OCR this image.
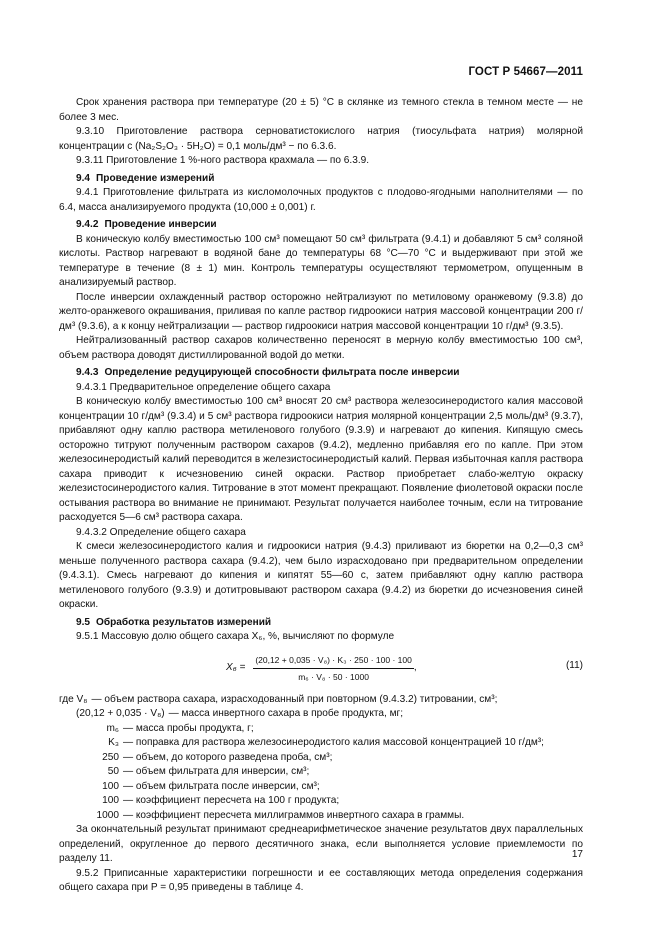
ГОСТ Р 54667—2011

Срок хранения раствора при температуре (20 ± 5) °С в склянке из темного стекла в темном месте — не более 3 мес.

9.3.10 Приготовление раствора серноватистокислого натрия (тиосульфата натрия) молярной концентрации c (Na₂S₂O₃ · 5H₂O) = 0,1 моль/дм³ − по 6.3.6.

9.3.11 Приготовление 1 %-ного раствора крахмала — по 6.3.9.

9.4 Проведение измерений

9.4.1 Приготовление фильтрата из кисломолочных продуктов с плодово-ягодными наполнителями — по 6.4, масса анализируемого продукта (10,000 ± 0,001) г.

9.4.2 Проведение инверсии

В коническую колбу вместимостью 100 см³ помещают 50 см³ фильтрата (9.4.1) и добавляют 5 см³ соляной кислоты. Раствор нагревают в водяной бане до температуры 68 °С—70 °С и выдерживают при этой же температуре в течение (8 ± 1) мин. Контроль температуры осуществляют термометром, опущенным в анализируемый раствор.

После инверсии охлажденный раствор осторожно нейтрализуют по метиловому оранжевому (9.3.8) до желто-оранжевого окрашивания, приливая по капле раствор гидроокиси натрия массовой концентрации 200 г/дм³ (9.3.6), а к концу нейтрализации — раствор гидроокиси натрия массовой концентрации 10 г/дм³ (9.3.5).

Нейтрализованный раствор сахаров количественно переносят в мерную колбу вместимостью 100 см³, объем раствора доводят дистиллированной водой до метки.

9.4.3 Определение редуцирующей способности фильтрата после инверсии

9.4.3.1 Предварительное определение общего сахара

В коническую колбу вместимостью 100 см³ вносят 20 см³ раствора железосинеродистого калия массовой концентрации 10 г/дм³ (9.3.4) и 5 см³ раствора гидроокиси натрия молярной концентрации 2,5 моль/дм³ (9.3.7), прибавляют одну каплю раствора метиленового голубого (9.3.9) и нагревают до кипения. Кипящую смесь осторожно титруют полученным раствором сахаров (9.4.2), медленно прибавляя его по капле. При этом железосинеродистый калий переводится в железистосинеродистый калий. Первая избыточная капля раствора сахара приводит к исчезновению синей окраски. Раствор приобретает слабо-желтую окраску железистосинеродистого калия. Титрование в этот момент прекращают. Появление фиолетовой окраски после остывания раствора во внимание не принимают. Результат получается наиболее точным, если на титрование расходуется 5—6 см³ раствора сахара.

9.4.3.2 Определение общего сахара

К смеси железосинеродистого калия и гидроокиси натрия (9.4.3) приливают из бюретки на 0,2—0,3 см³ меньше полученного раствора сахара (9.4.2), чем было израсходовано при предварительном определении (9.4.3.1). Смесь нагревают до кипения и кипятят 55—60 с, затем прибавляют одну каплю раствора метиленового голубого (9.3.9) и дотитровывают раствором сахара (9.4.2) из бюретки до исчезновения синей окраски.

9.5 Обработка результатов измерений

9.5.1 Массовую долю общего сахара X₆, %, вычисляют по формуле

$X_6 = \frac{\text{(20,12 + 0,035 · V₈) · K₃ · 250 · 100 · 100}}{\text{m₆ · V₈ · 50 · 1000}}$ ,	(11)
где V₈ — объем раствора сахара, израсходованный при повторном (9.4.3.2) титровании, см³;
(20,12 + 0,035 · V₈) — масса инвертного сахара в пробе продукта, мг;
m₆ — масса пробы продукта, г;
K₃ — поправка для раствора железосинеродистого калия массовой концентрацией 10 г/дм³;
250 — объем, до которого разведена проба, см³;
50 — объем фильтрата для инверсии, см³;
100 — объем фильтрата после инверсии, см³;
100 — коэффициент пересчета на 100 г продукта;
1000 — коэффициент пересчета миллиграммов инвертного сахара в граммы.

За окончательный результат принимают среднеарифметическое значение результатов двух параллельных определений, округленное до первого десятичного знака, если выполняется условие приемлемости по разделу 11.

9.5.2 Приписанные характеристики погрешности и ее составляющих метода определения содержания общего сахара при P = 0,95 приведены в таблице 4.

17
